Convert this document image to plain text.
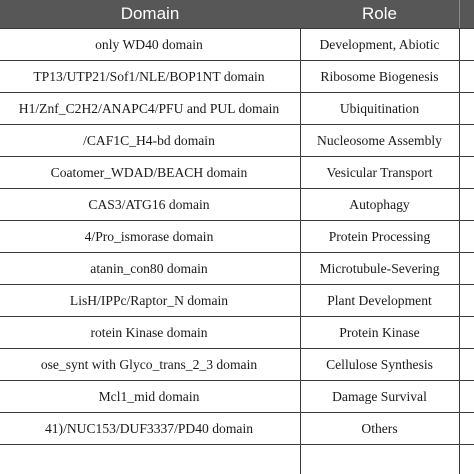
Domain	Role
only WD40 domain	Development, Abiotic
TP13/UTP21/Sof1/NLE/BOP1NT domain	Ribosome Biogenesis
H1/Znf_C2H2/ANAPC4/PFU and PUL domain	Ubiquitination
/CAF1C_H4-bd domain	Nucleosome Assembly
Coatomer_WDAD/BEACH domain	Vesicular Transport
CAS3/ATG16 domain	Autophagy
4/Pro_ismorase domain	Protein Processing
atanin_con80 domain	Microtubule-Severing
LisH/IPPc/Raptor_N domain	Plant Development
rotein Kinase domain	Protein Kinase
ose_synt with Glyco_trans_2_3 domain	Cellulose Synthesis
Mcl1_mid domain	Damage Survival
41)/NUC153/DUF3337/PD40 domain	Others
